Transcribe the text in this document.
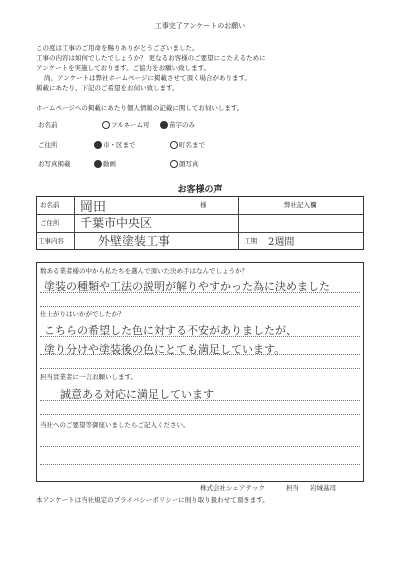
工事完了アンケートのお願い
この度は工事のご用命を賜りありがとうございました。
工事の内容は如何でしたでしょうか？ 更なるお客様のご要望にこたえるために
アンケートを実施しております。ご協力をお願い致します。
尚、アンケートは弊社ホームページに掲載させて頂く場合があります。
掲載にあたり、下記のご希望をお伺い致します。
ホームページへの掲載にあたり個人情報の記載に関してお伺いします。
お名前	フルネーム可	苗字のみ
ご住所	市・区まで	町名まで
お写真掲載	動画	顔写真
お客様の声
お名前 岡田	様	弊社記入欄
ご住所 千葉市中央区
工事内容	外壁塗装工事	工期 2週間
数ある業者様の中から私たちを選んで頂いた決め手はなんでしょうか？
塗装の種類や工法の説明が解りやすかった為に決めました
仕上がりはいかがでしたか？
こちらの希望した色に対する不安がありましたが、
塗り分けや塗装後の色にとても満足しています。
担当営業者に一言お願いします。
誠意ある対応に満足しています
当社へのご要望等御座いましたらご記入ください。
株式会社シェアテック	担当 岩城基司
本アンケートは当社規定のプライバシーポリシーに則り取り扱わせて頂きます。
